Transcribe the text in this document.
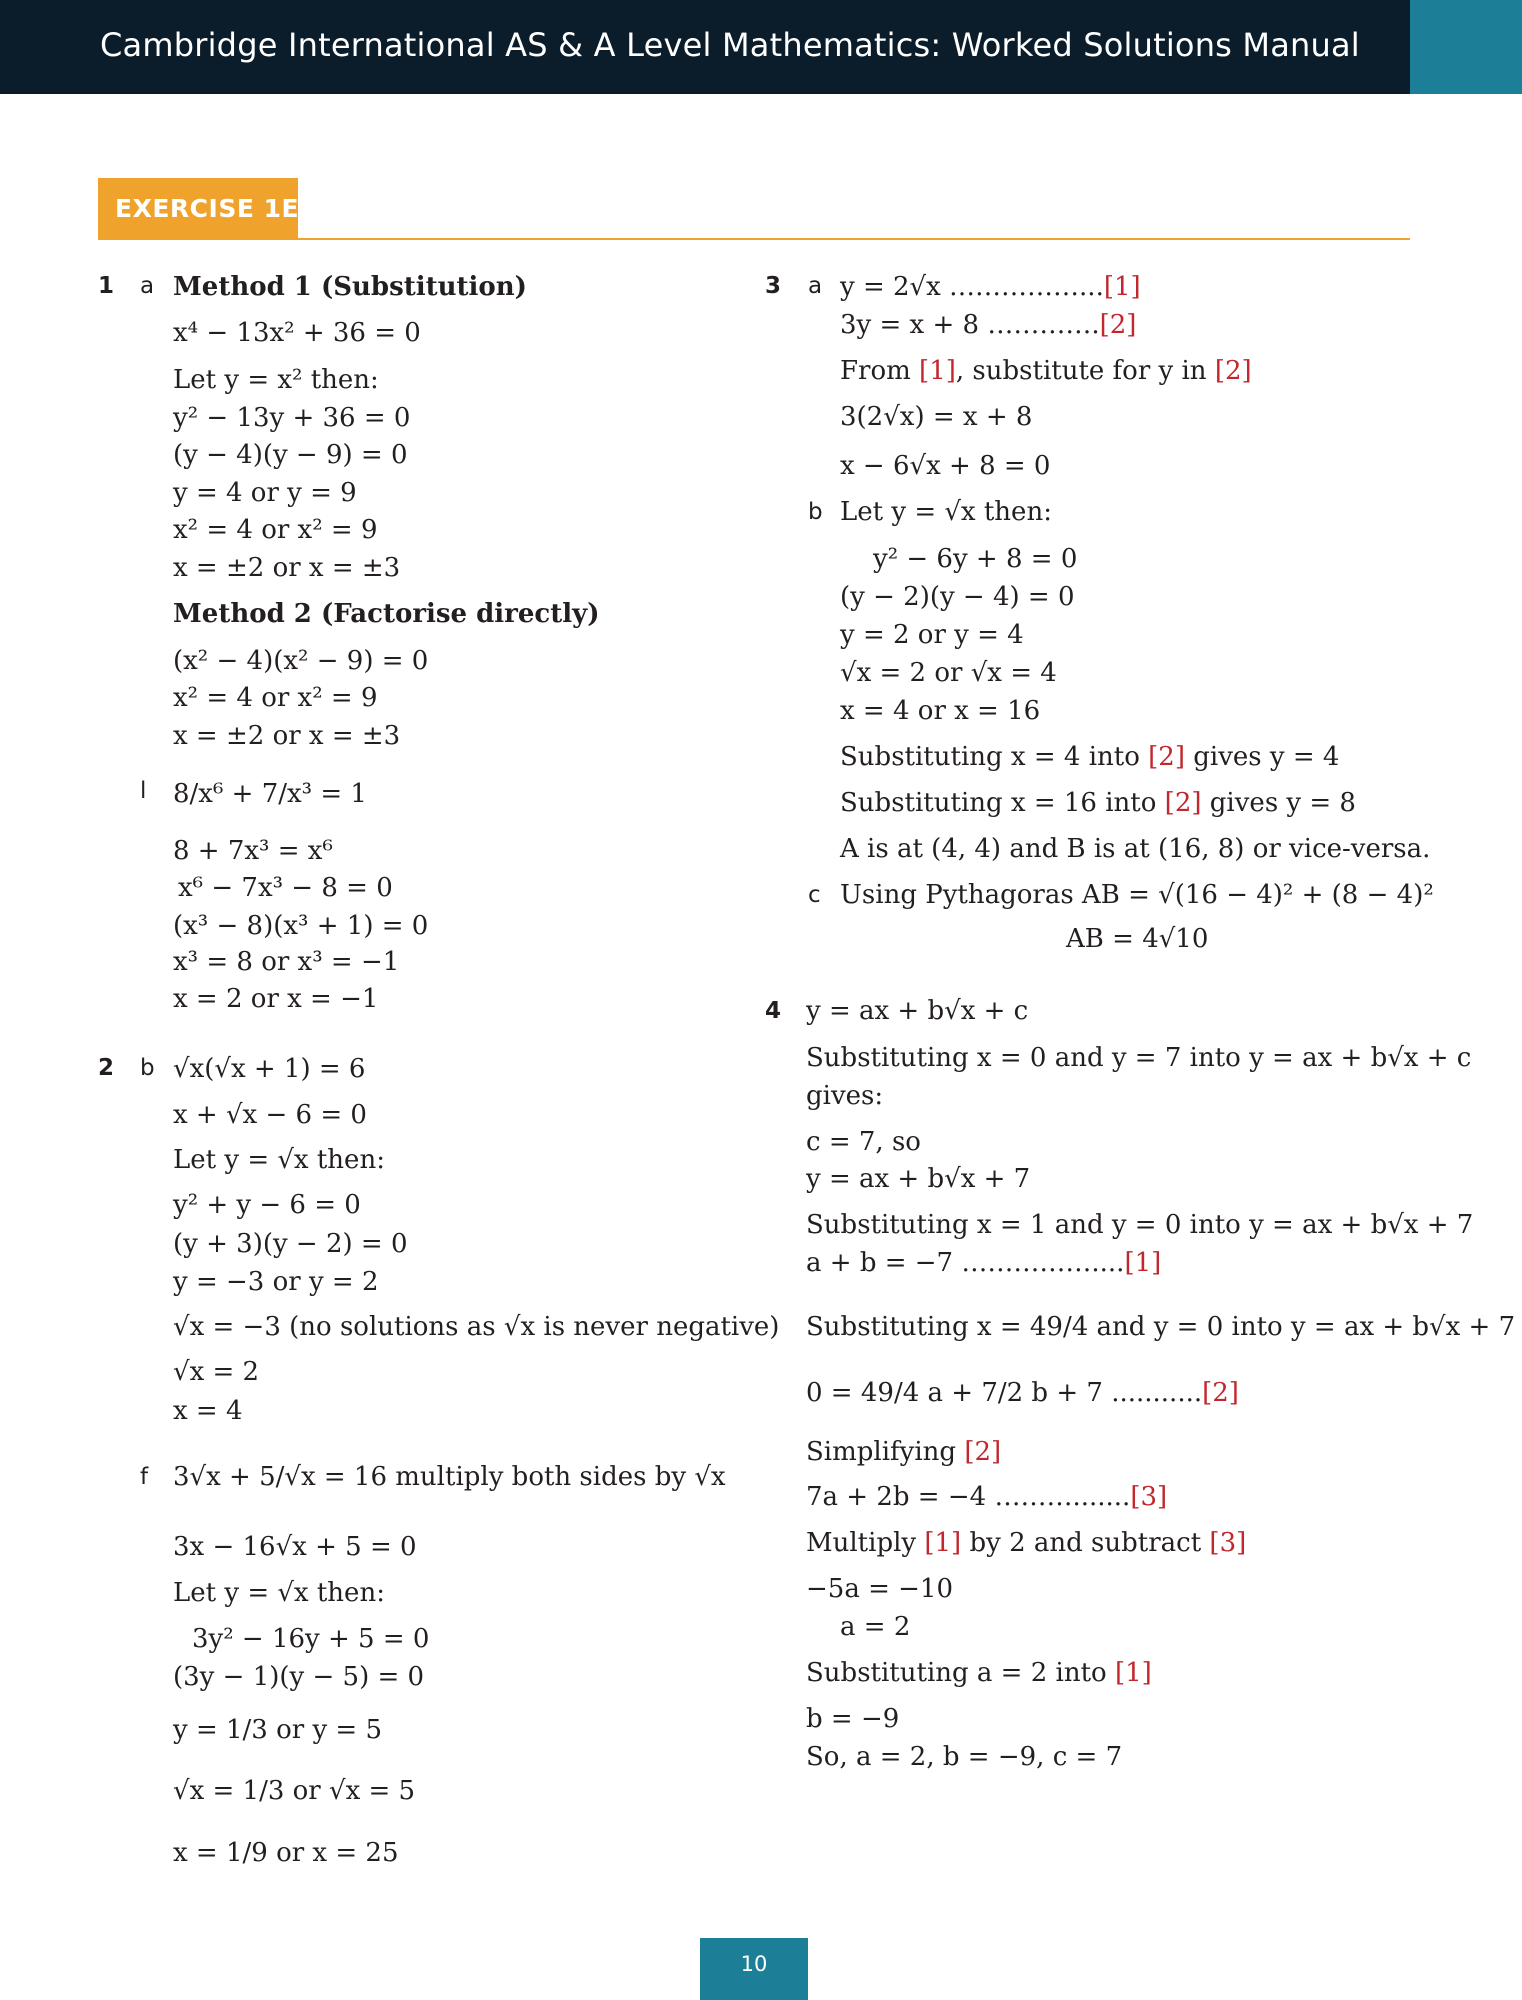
Cambridge International AS & A Level Mathematics: Worked Solutions Manual
EXERCISE 1E
1 a Method 1 (Substitution)
x⁴ − 13x² + 36 = 0
Let y = x² then:
y² − 13y + 36 = 0
(y − 4)(y − 9) = 0
y = 4 or y = 9
x² = 4 or x² = 9
x = ±2 or x = ±3
Method 2 (Factorise directly)
(x² − 4)(x² − 9) = 0
x² = 4 or x² = 9
x = ±2 or x = ±3
l 8/x⁶ + 7/x³ = 1
8 + 7x³ = x⁶
x⁶ − 7x³ − 8 = 0
(x³ − 8)(x³ + 1) = 0
x³ = 8 or x³ = −1
x = 2 or x = −1
2 b √x(√x + 1) = 6
x + √x − 6 = 0
Let y = √x then:
y² + y − 6 = 0
(y + 3)(y − 2) = 0
y = −3 or y = 2
√x = −3 (no solutions as √x is never negative)
√x = 2
x = 4
f 3√x + 5/√x = 16 multiply both sides by √x
3x − 16√x + 5 = 0
Let y = √x then:
3y² − 16y + 5 = 0
(3y − 1)(y − 5) = 0
y = 1/3 or y = 5
√x = 1/3 or √x = 5
x = 1/9 or x = 25
3 a y = 2√x ……………...[1]
3y = x + 8 ………….[2]
From [1], substitute for y in [2]
3(2√x) = x + 8
x − 6√x + 8 = 0
b Let y = √x then:
y² − 6y + 8 = 0
(y − 2)(y − 4) = 0
y = 2 or y = 4
√x = 2 or √x = 4
x = 4 or x = 16
Substituting x = 4 into [2] gives y = 4
Substituting x = 16 into [2] gives y = 8
A is at (4, 4) and B is at (16, 8) or vice-versa.
c Using Pythagoras AB = √(16 − 4)² + (8 − 4)²
AB = 4√10
4 y = ax + b√x + c
Substituting x = 0 and y = 7 into y = ax + b√x + c
gives:
c = 7, so
y = ax + b√x + 7
Substituting x = 1 and y = 0 into y = ax + b√x + 7
a + b = −7 ……………....[1]
Substituting x = 49/4 and y = 0 into y = ax + b√x + 7
0 = 49/4 a + 7/2 b + 7 ...........[2]
Simplifying [2]
7a + 2b = −4 ……….......[3]
Multiply [1] by 2 and subtract [3]
−5a = −10
a = 2
Substituting a = 2 into [1]
b = −9
So, a = 2, b = −9, c = 7
10
